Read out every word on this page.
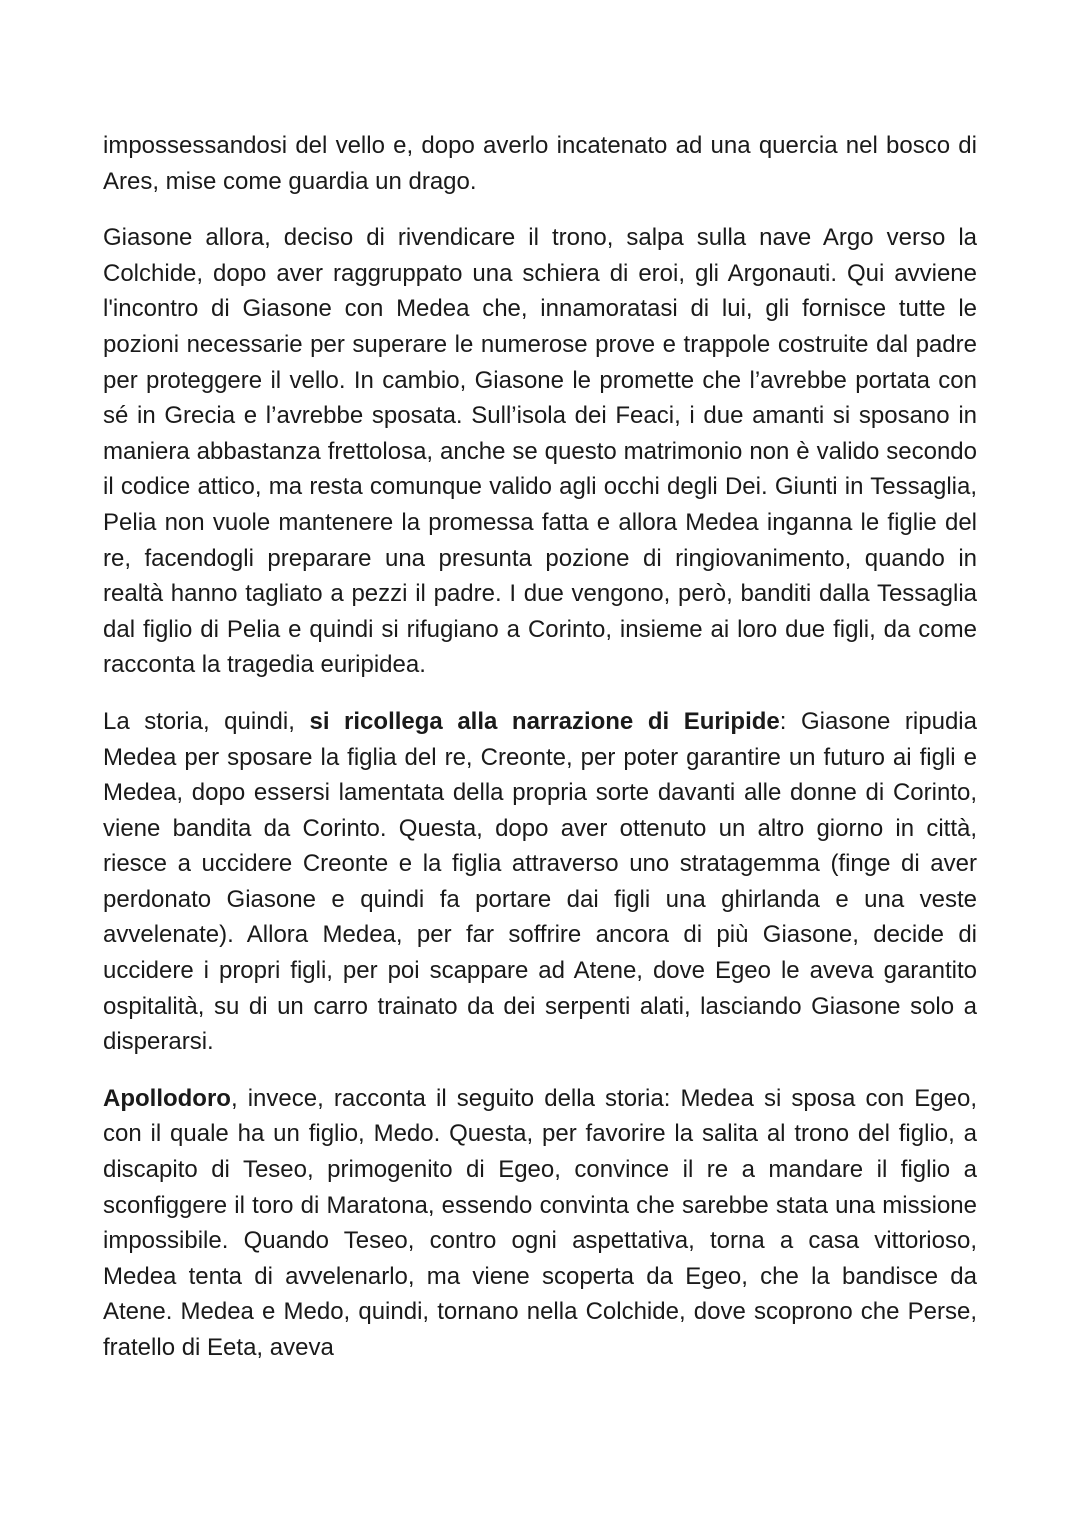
impossessandosi del vello e, dopo averlo incatenato ad una quercia nel bosco di Ares, mise come guardia un drago.

Giasone allora, deciso di rivendicare il trono, salpa sulla nave Argo verso la Colchide, dopo aver raggruppato una schiera di eroi, gli Argonauti. Qui avviene l'incontro di Giasone con Medea che, innamoratasi di lui, gli fornisce tutte le pozioni necessarie per superare le numerose prove e trappole costruite dal padre per proteggere il vello. In cambio, Giasone le promette che l’avrebbe portata con sé in Grecia e l’avrebbe sposata. Sull’isola dei Feaci, i due amanti si sposano in maniera abbastanza frettolosa, anche se questo matrimonio non è valido secondo il codice attico, ma resta comunque valido agli occhi degli Dei. Giunti in Tessaglia, Pelia non vuole mantenere la promessa fatta e allora Medea inganna le figlie del re, facendogli preparare una presunta pozione di ringiovanimento, quando in realtà hanno tagliato a pezzi il padre. I due vengono, però, banditi dalla Tessaglia dal figlio di Pelia e quindi si rifugiano a Corinto, insieme ai loro due figli, da come racconta la tragedia euripidea.

La storia, quindi, si ricollega alla narrazione di Euripide: Giasone ripudia Medea per sposare la figlia del re, Creonte, per poter garantire un futuro ai figli e Medea, dopo essersi lamentata della propria sorte davanti alle donne di Corinto, viene bandita da Corinto. Questa, dopo aver ottenuto un altro giorno in città, riesce a uccidere Creonte e la figlia attraverso uno stratagemma (finge di aver perdonato Giasone e quindi fa portare dai figli una ghirlanda e una veste avvelenate). Allora Medea, per far soffrire ancora di più Giasone, decide di uccidere i propri figli, per poi scappare ad Atene, dove Egeo le aveva garantito ospitalità, su di un carro trainato da dei serpenti alati, lasciando Giasone solo a disperarsi.

Apollodoro, invece, racconta il seguito della storia: Medea si sposa con Egeo, con il quale ha un figlio, Medo. Questa, per favorire la salita al trono del figlio, a discapito di Teseo, primogenito di Egeo, convince il re a mandare il figlio a sconfiggere il toro di Maratona, essendo convinta che sarebbe stata una missione impossibile. Quando Teseo, contro ogni aspettativa, torna a casa vittorioso, Medea tenta di avvelenarlo, ma viene scoperta da Egeo, che la bandisce da Atene. Medea e Medo, quindi, tornano nella Colchide, dove scoprono che Perse, fratello di Eeta, aveva
